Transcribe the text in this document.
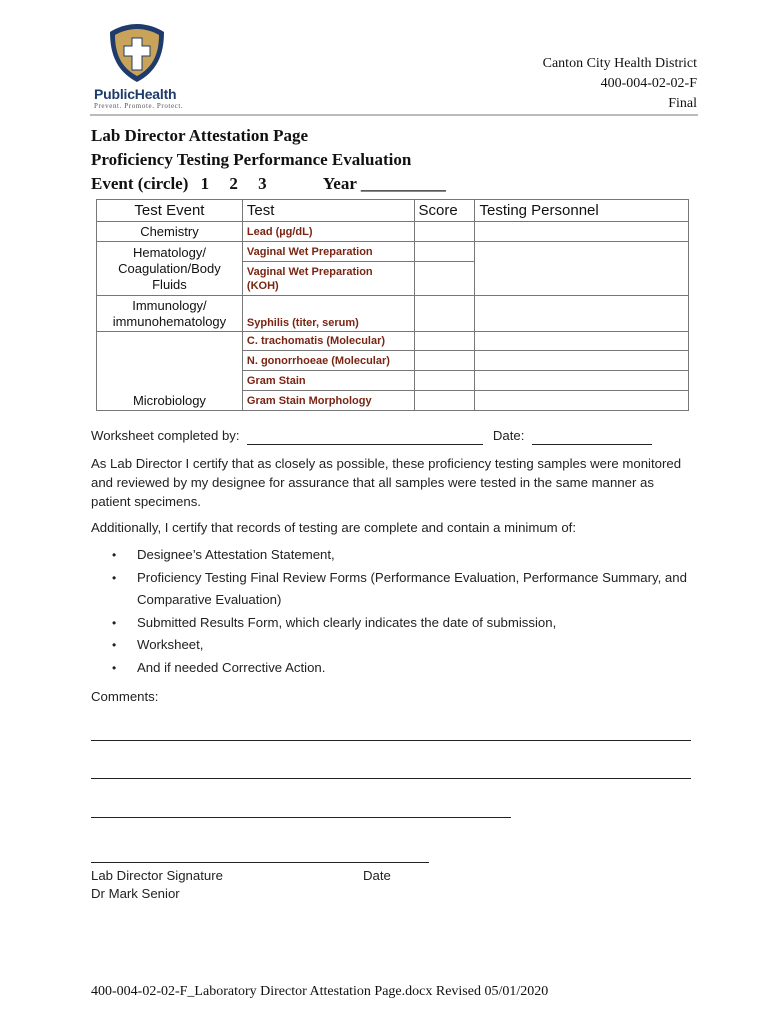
PublicHealth
Prevent. Promote. Protect.
Canton City Health District
400-004-02-02-F
Final
Lab Director Attestation Page
Proficiency Testing Performance Evaluation
Event (circle) 1 2 3	Year __________
Test Event	Test	Score	Testing Personnel
Chemistry	Lead (µg/dL)		

Hematology/
Coagulation/Body
Fluids	Vaginal Wet Preparation		

	Vaginal Wet Preparation
(KOH)		

Immunology/
immunohematology	Syphilis (titer, serum)		
Microbiology	C. trachomatis (Molecular)		
	N. gonorrhoeae (Molecular)		
	Gram Stain		
	Gram Stain Morphology		
Worksheet completed by:	Date:
As Lab Director I certify that as closely as possible, these proficiency testing samples were monitored and reviewed by my designee for assurance that all samples were tested in the same manner as patient specimens.
Additionally, I certify that records of testing are complete and contain a minimum of:
• Designee’s Attestation Statement,
• Proficiency Testing Final Review Forms (Performance Evaluation, Performance Summary, and Comparative Evaluation)
• Submitted Results Form, which clearly indicates the date of submission,
• Worksheet,
• And if needed Corrective Action.
Comments:
Lab Director Signature	Date
Dr Mark Senior
400-004-02-02-F_Laboratory Director Attestation Page.docx Revised 05/01/2020
